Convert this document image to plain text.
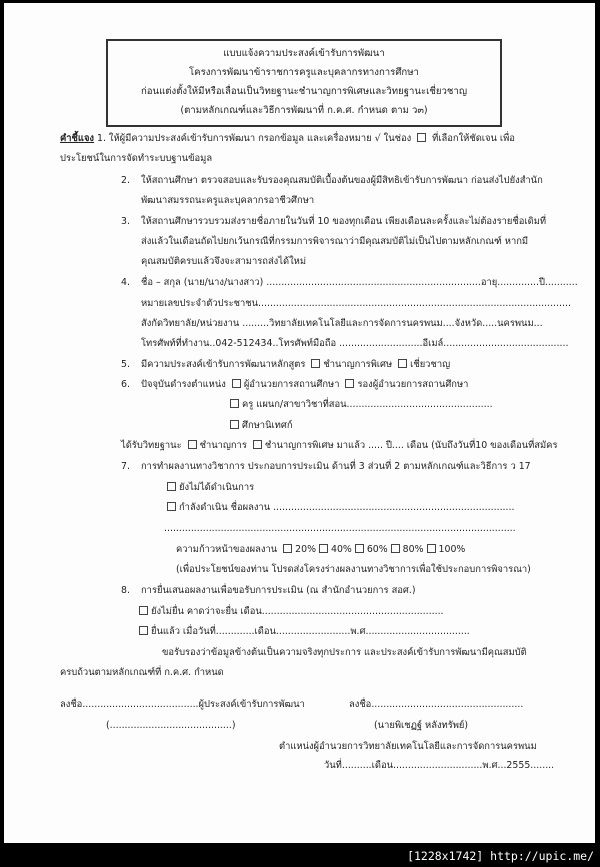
แบบแจ้งความประสงค์เข้ารับการพัฒนา
โครงการพัฒนาข้าราชการครูและบุคลากรทางการศึกษา
ก่อนแต่งตั้งให้มีหรือเลื่อนเป็นวิทยฐานะชำนาญการพิเศษและวิทยฐานะเชี่ยวชาญ
(ตามหลักเกณฑ์และวิธีการพัฒนาที่ ก.ค.ศ. กำหนด ตาม ว๓)
คำชี้แจง 1. ให้ผู้มีความประสงค์เข้ารับการพัฒนา กรอกข้อมูล และเครื่องหมาย √ ในช่อง ที่เลือกให้ชัดเจน เพื่อ
ประโยชน์ในการจัดทำระบบฐานข้อมูล
2. ให้สถานศึกษา ตรวจสอบและรับรองคุณสมบัติเบื้องต้นของผู้มีสิทธิเข้ารับการพัฒนา ก่อนส่งไปยังสำนัก
พัฒนาสมรรถนะครูและบุคลากรอาชีวศึกษา
3. ให้สถานศึกษารวบรวมส่งรายชื่อภายในวันที่ 10 ของทุกเดือน เพียงเดือนละครั้งและไม่ต้องรายชื่อเดิมที่
ส่งแล้วในเดือนถัดไปยกเว้นกรณีที่กรรมการพิจารณาว่ามีคุณสมบัติไม่เป็นไปตามหลักเกณฑ์ หากมี
คุณสมบัติครบแล้วจึงจะสามารถส่งได้ใหม่
4. ชื่อ – สกุล (นาย/นาง/นางสาว) ........................................................................อายุ..............ปี...........
หมายเลขประจำตัวประชาชน.........................................................................................................
สังกัดวิทยาลัย/หน่วยงาน .........วิทยาลัยเทคโนโลยีและการจัดการนครพนม....จังหวัด.....นครพนม...
โทรศัพท์ที่ทำงาน..042-512434..โทรศัพท์มือถือ ............................อีเมล์..........................................
5. มีความประสงค์เข้ารับการพัฒนาหลักสูตร ชำนาญการพิเศษ เชี่ยวชาญ
6. ปัจจุบันดำรงตำแหน่ง ผู้อำนวยการสถานศึกษา รองผู้อำนวยการสถานศึกษา
ครู แผนก/สาขาวิชาที่สอน.................................................
ศึกษานิเทศก์
ได้รับวิทยฐานะ ชำนาญการ ชำนาญการพิเศษ มาแล้ว ..... ปี.... เดือน (นับถึงวันที่10 ของเดือนที่สมัคร
7. การทำผลงานทางวิชาการ ประกอบการประเมิน ด้านที่ 3 ส่วนที่ 2 ตามหลักเกณฑ์และวิธีการ ว 17
ยังไม่ได้ดำเนินการ
กำลังดำเนิน ชื่อผลงาน .................................................................................
......................................................................................................................
ความก้าวหน้าของผลงาน 20% 40% 60% 80% 100%
(เพื่อประโยชน์ของท่าน โปรดส่งโครงร่างผลงานทางวิชาการเพื่อใช้ประกอบการพิจารณา)
8. การยื่นเสนอผลงานเพื่อขอรับการประเมิน (ณ สำนักอำนวยการ สอศ.)
ยังไม่ยื่น คาดว่าจะยื่น เดือน.............................................................
ยื่นแล้ว เมื่อวันที่.............เดือน.........................พ.ศ...................................
ขอรับรองว่าข้อมูลข้างต้นเป็นความจริงทุกประการ และประสงค์เข้ารับการพัฒนามีคุณสมบัติ
ครบถ้วนตามหลักเกณฑ์ที่ ก.ค.ศ. กำหนด
ลงชื่อ.......................................ผู้ประสงค์เข้ารับการพัฒนา
(.........................................)
ลงชื่อ...................................................
(นายพิเชฏฐ์ หลังทรัพย์)
ตำแหน่งผู้อำนวยการวิทยาลัยเทคโนโลยีและการจัดการนครพนม
วันที่..........เดือน..............................พ.ศ...2555........
[1228x1742] http://upic.me/
